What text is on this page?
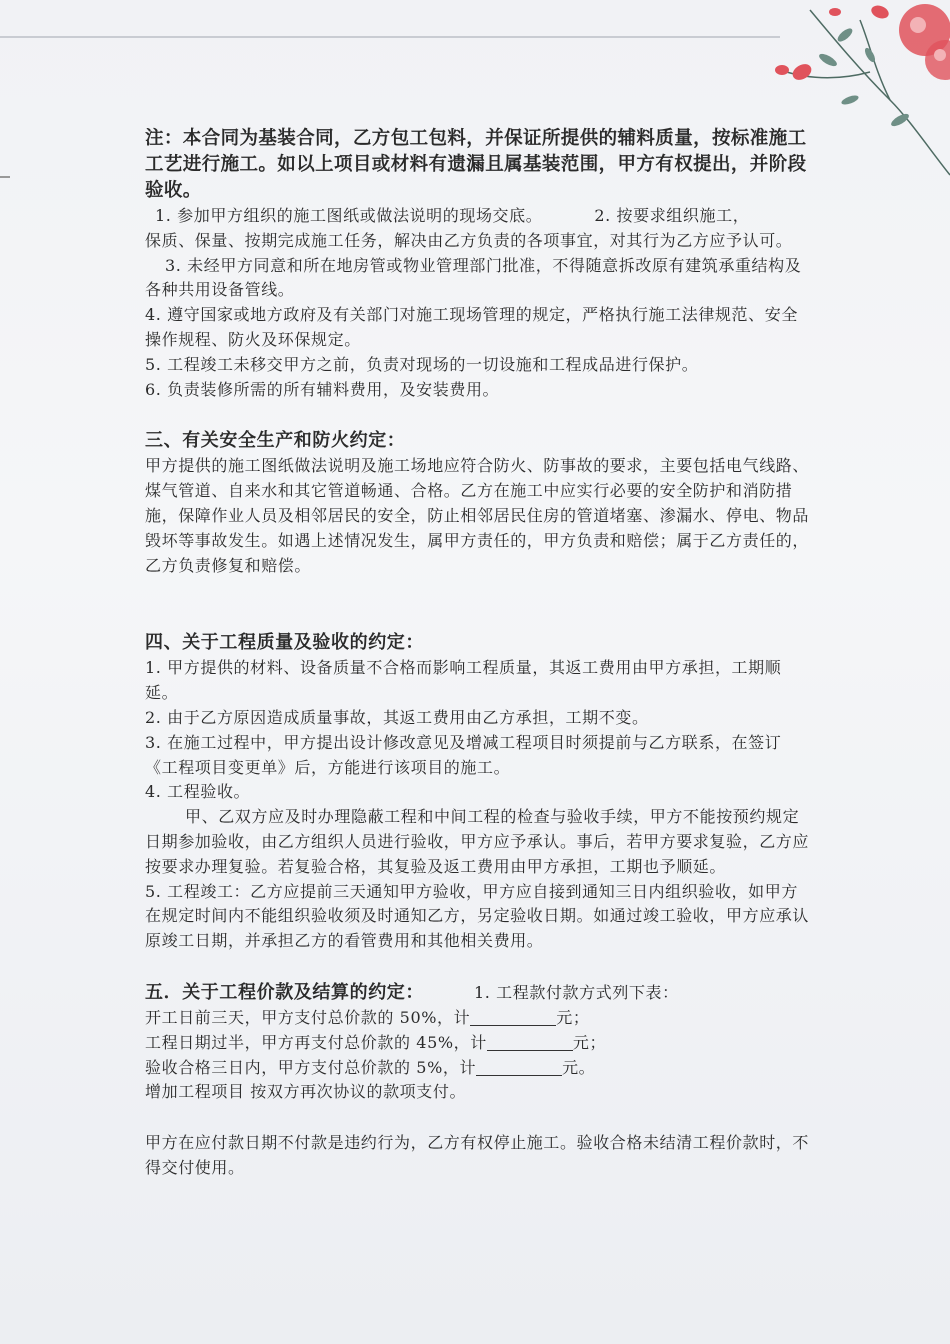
注：本合同为基装合同，乙方包工包料，并保证所提供的辅料质量，按标准施工工艺进行施工。如以上项目或材料有遗漏且属基装范围，甲方有权提出，并阶段验收。

1. 参加甲方组织的施工图纸或做法说明的现场交底。	2. 按要求组织施工，

保质、保量、按期完成施工任务，解决由乙方负责的各项事宜，对其行为乙方应予认可。3. 未经甲方同意和所在地房管或物业管理部门批准，不得随意拆改原有建筑承重结构及各种共用设备管线。

4. 遵守国家或地方政府及有关部门对施工现场管理的规定，严格执行施工法律规范、安全操作规程、防火及环保规定。

5. 工程竣工未移交甲方之前，负责对现场的一切设施和工程成品进行保护。

6. 负责装修所需的所有辅料费用，及安装费用。

三、有关安全生产和防火约定：

甲方提供的施工图纸做法说明及施工场地应符合防火、防事故的要求，主要包括电气线路、煤气管道、自来水和其它管道畅通、合格。乙方在施工中应实行必要的安全防护和消防措施，保障作业人员及相邻居民的安全，防止相邻居民住房的管道堵塞、渗漏水、停电、物品毁坏等事故发生。如遇上述情况发生，属甲方责任的，甲方负责和赔偿；属于乙方责任的，乙方负责修复和赔偿。

四、关于工程质量及验收的约定：

1. 甲方提供的材料、设备质量不合格而影响工程质量，其返工费用由甲方承担，工期顺延。

2. 由于乙方原因造成质量事故，其返工费用由乙方承担，工期不变。

3. 在施工过程中，甲方提出设计修改意见及增减工程项目时须提前与乙方联系，在签订《工程项目变更单》后，方能进行该项目的施工。

4. 工程验收。

甲、乙双方应及时办理隐蔽工程和中间工程的检查与验收手续，甲方不能按预约规定日期参加验收，由乙方组织人员进行验收，甲方应予承认。事后，若甲方要求复验，乙方应按要求办理复验。若复验合格，其复验及返工费用由甲方承担，工期也予顺延。

5. 工程竣工：乙方应提前三天通知甲方验收，甲方应自接到通知三日内组织验收，如甲方在规定时间内不能组织验收须及时通知乙方，另定验收日期。如通过竣工验收，甲方应承认原竣工日期，并承担乙方的看管费用和其他相关费用。

五．关于工程价款及结算的约定：	1. 工程款付款方式列下表：

开工日前三天，甲方支付总价款的 50%，计	元；

工程日期过半，甲方再支付总价款的 45%，计	元；

验收合格三日内，甲方支付总价款的 5%，计	元。

增加工程项目 按双方再次协议的款项支付。

甲方在应付款日期不付款是违约行为，乙方有权停止施工。验收合格未结清工程价款时，不得交付使用。
